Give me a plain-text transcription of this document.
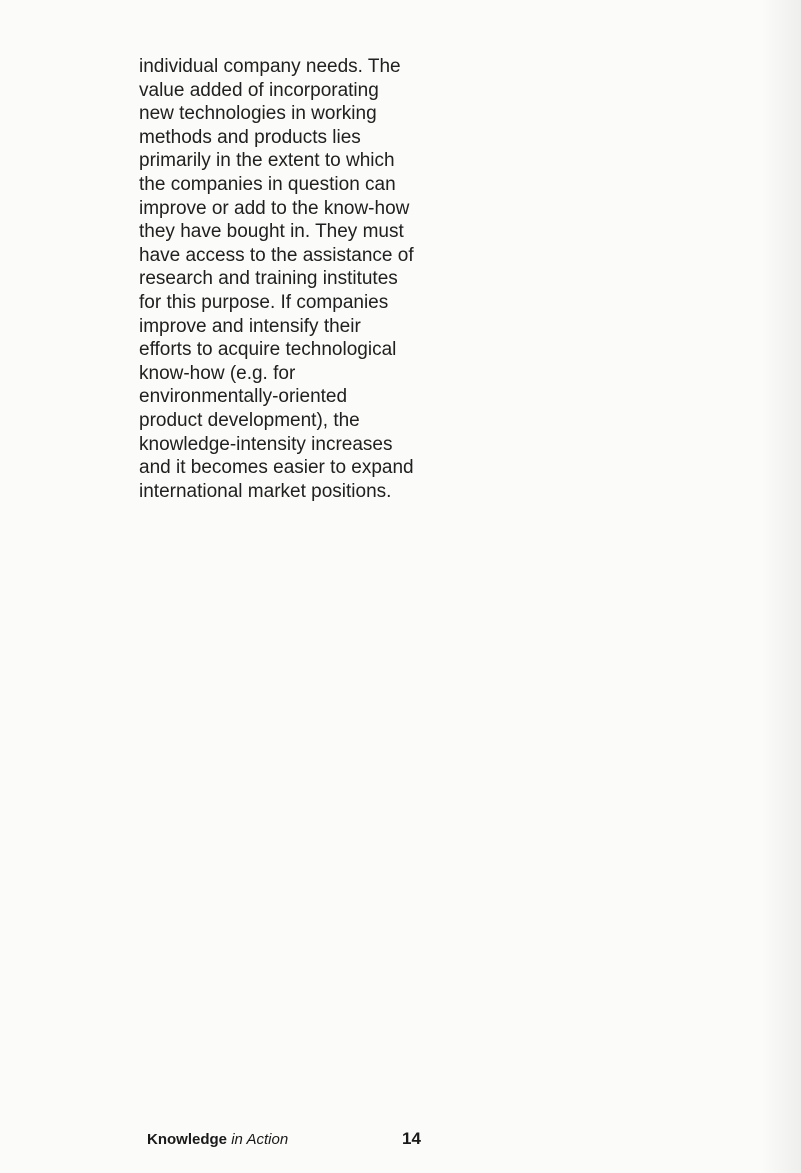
individual company needs. The value added of incorporating new technologies in working methods and products lies primarily in the extent to which the companies in question can improve or add to the know-how they have bought in. They must have access to the assistance of research and training institutes for this purpose. If companies improve and intensify their efforts to acquire technological know-how (e.g. for environmentally-oriented product development), the knowledge-intensity increases and it becomes easier to expand international market positions.

Knowledge in Action	14
